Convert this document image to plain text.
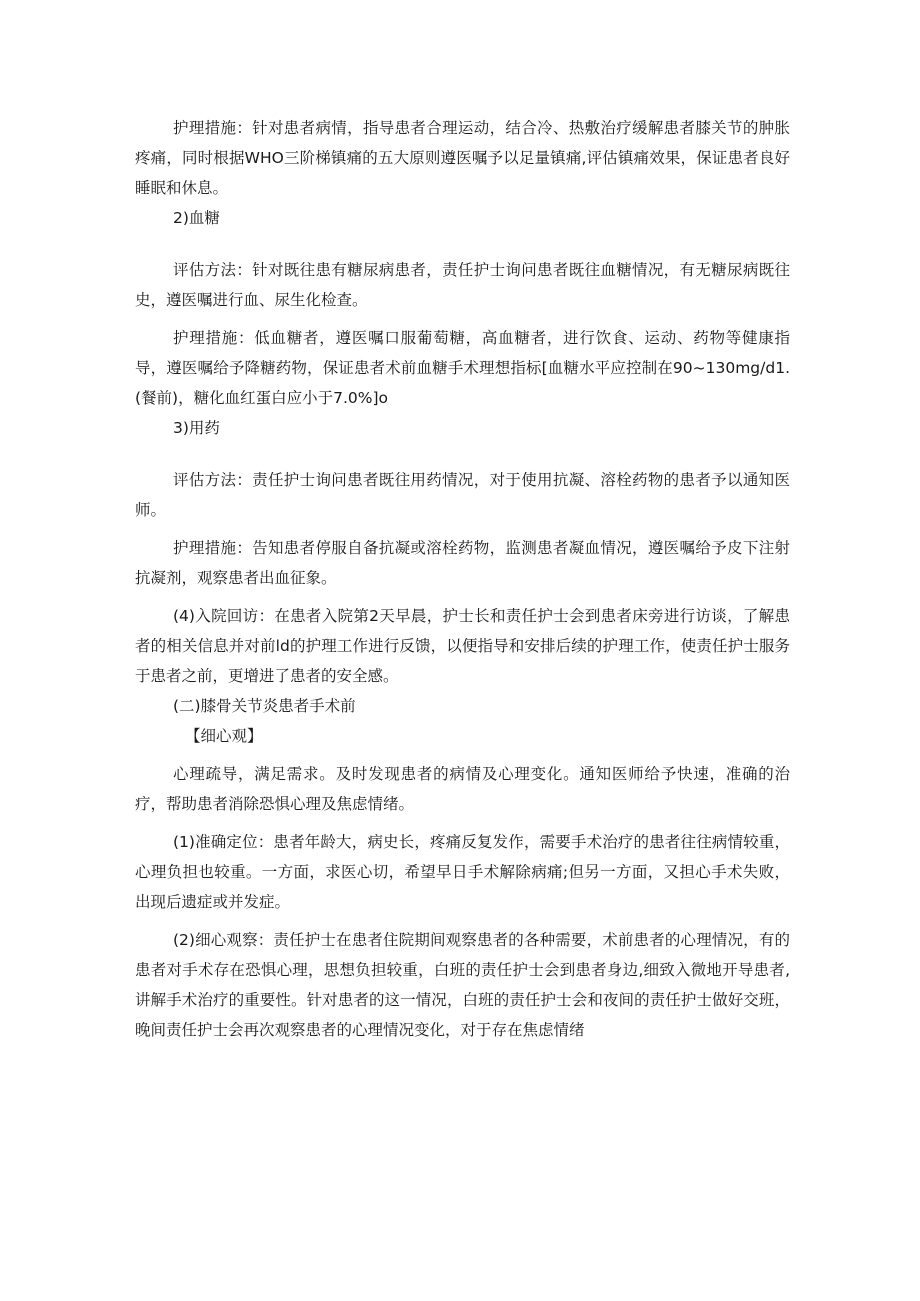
护理措施：针对患者病情，指导患者合理运动，结合冷、热敷治疗缓解患者膝关节的肿胀疼痛，同时根据WHO三阶梯镇痛的五大原则遵医嘱予以足量镇痛,评估镇痛效果，保证患者良好睡眠和休息。

2)血糖

评估方法：针对既往患有糖尿病患者，责任护士询问患者既往血糖情况，有无糖尿病既往史，遵医嘱进行血、尿生化检查。

护理措施：低血糖者，遵医嘱口服葡萄糖，高血糖者，进行饮食、运动、药物等健康指导，遵医嘱给予降糖药物，保证患者术前血糖手术理想指标[血糖水平应控制在90~130mg∕d1.(餐前)，糖化血红蛋白应小于7.0%]o

3)用药

评估方法：责任护士询问患者既往用药情况，对于使用抗凝、溶栓药物的患者予以通知医师。

护理措施：告知患者停服自备抗凝或溶栓药物，监测患者凝血情况，遵医嘱给予皮下注射抗凝剂，观察患者出血征象。

(4)入院回访：在患者入院第2天早晨，护士长和责任护士会到患者床旁进行访谈，了解患者的相关信息并对前ld的护理工作进行反馈，以便指导和安排后续的护理工作，使责任护士服务于患者之前，更增进了患者的安全感。

(二)膝骨关节炎患者手术前

【细心观】

心理疏导，满足需求。及时发现患者的病情及心理变化。通知医师给予快速，准确的治疗，帮助患者消除恐惧心理及焦虑情绪。

(1)准确定位：患者年龄大，病史长，疼痛反复发作，需要手术治疗的患者往往病情较重，心理负担也较重。一方面，求医心切，希望早日手术解除病痛;但另一方面，又担心手术失败，出现后遗症或并发症。

(2)细心观察：责任护士在患者住院期间观察患者的各种需要，术前患者的心理情况，有的患者对手术存在恐惧心理，思想负担较重，白班的责任护士会到患者身边,细致入微地开导患者,讲解手术治疗的重要性。针对患者的这一情况，白班的责任护士会和夜间的责任护士做好交班，晚间责任护士会再次观察患者的心理情况变化，对于存在焦虑情绪
